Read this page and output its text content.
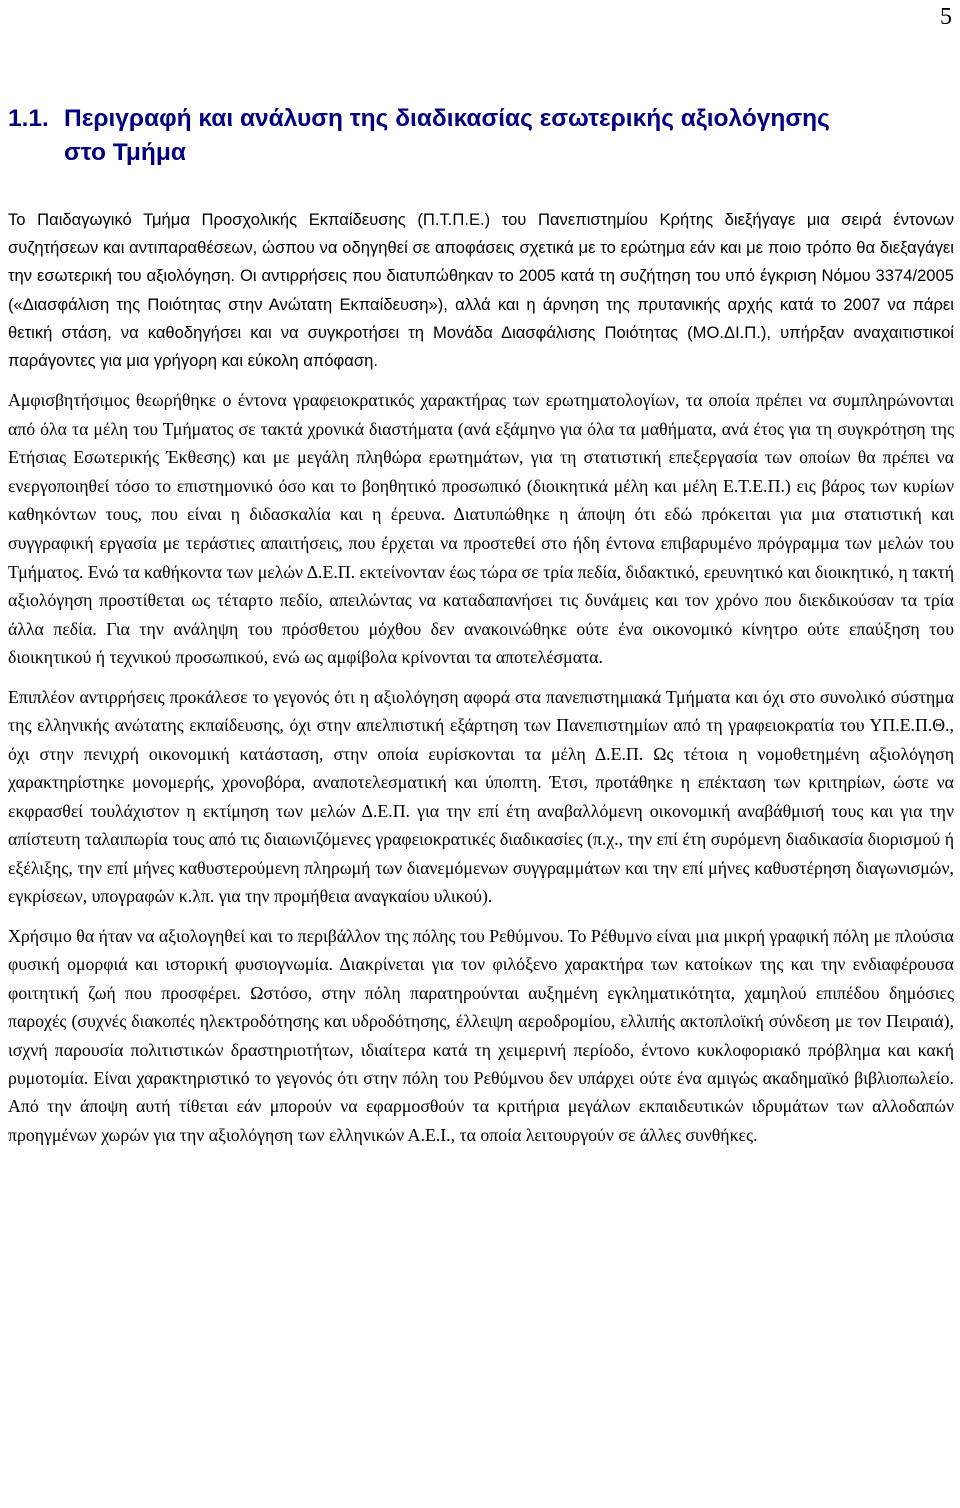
5
1.1. Περιγραφή και ανάλυση της διαδικασίας εσωτερικής αξιολόγησης
στο Τμήμα

Το Παιδαγωγικό Τμήμα Προσχολικής Εκπαίδευσης (Π.Τ.Π.Ε.) του Πανεπιστημίου Κρήτης διεξήγαγε μια σειρά έντονων συζητήσεων και αντιπαραθέσεων, ώσπου να οδηγηθεί σε αποφάσεις σχετικά με το ερώτημα εάν και με ποιο τρόπο θα διεξαγάγει την εσωτερική του αξιολόγηση. Οι αντιρρήσεις που διατυπώθηκαν το 2005 κατά τη συζήτηση του υπό έγκριση Νόμου 3374/2005 («Διασφάλιση της Ποιότητας στην Ανώτατη Εκπαίδευση»), αλλά και η άρνηση της πρυτανικής αρχής κατά το 2007 να πάρει θετική στάση, να καθοδηγήσει και να συγκροτήσει τη Μονάδα Διασφάλισης Ποιότητας (ΜΟ.ΔΙ.Π.), υπήρξαν αναχαιτιστικοί παράγοντες για μια γρήγορη και εύκολη απόφαση.

Αμφισβητήσιμος θεωρήθηκε ο έντονα γραφειοκρατικός χαρακτήρας των ερωτηματολογίων, τα οποία πρέπει να συμπληρώνονται από όλα τα μέλη του Τμήματος σε τακτά χρονικά διαστήματα (ανά εξάμηνο για όλα τα μαθήματα, ανά έτος για τη συγκρότηση της Ετήσιας Εσωτερικής Έκθεσης) και με μεγάλη πληθώρα ερωτημάτων, για τη στατιστική επεξεργασία των οποίων θα πρέπει να ενεργοποιηθεί τόσο το επιστημονικό όσο και το βοηθητικό προσωπικό (διοικητικά μέλη και μέλη Ε.Τ.Ε.Π.) εις βάρος των κυρίων καθηκόντων τους, που είναι η διδασκαλία και η έρευνα. Διατυπώθηκε η άποψη ότι εδώ πρόκειται για μια στατιστική και συγγραφική εργασία με τεράστιες απαιτήσεις, που έρχεται να προστεθεί στο ήδη έντονα επιβαρυμένο πρόγραμμα των μελών του Τμήματος. Ενώ τα καθήκοντα των μελών Δ.Ε.Π. εκτείνονταν έως τώρα σε τρία πεδία, διδακτικό, ερευνητικό και διοικητικό, η τακτή αξιολόγηση προστίθεται ως τέταρτο πεδίο, απειλώντας να καταδαπανήσει τις δυνάμεις και τον χρόνο που διεκδικούσαν τα τρία άλλα πεδία. Για την ανάληψη του πρόσθετου μόχθου δεν ανακοινώθηκε ούτε ένα οικονομικό κίνητρο ούτε επαύξηση του διοικητικού ή τεχνικού προσωπικού, ενώ ως αμφίβολα κρίνονται τα αποτελέσματα.

Επιπλέον αντιρρήσεις προκάλεσε το γεγονός ότι η αξιολόγηση αφορά στα πανεπιστημιακά Τμήματα και όχι στο συνολικό σύστημα της ελληνικής ανώτατης εκπαίδευσης, όχι στην απελπιστική εξάρτηση των Πανεπιστημίων από τη γραφειοκρατία του ΥΠ.Ε.Π.Θ., όχι στην πενιχρή οικονομική κατάσταση, στην οποία ευρίσκονται τα μέλη Δ.Ε.Π. Ως τέτοια η νομοθετημένη αξιολόγηση χαρακτηρίστηκε μονομερής, χρονοβόρα, αναποτελεσματική και ύποπτη. Έτσι, προτάθηκε η επέκταση των κριτηρίων, ώστε να εκφρασθεί τουλάχιστον η εκτίμηση των μελών Δ.Ε.Π. για την επί έτη αναβαλλόμενη οικονομική αναβάθμισή τους και για την απίστευτη ταλαιπωρία τους από τις διαιωνιζόμενες γραφειοκρατικές διαδικασίες (π.χ., την επί έτη συρόμενη διαδικασία διορισμού ή εξέλιξης, την επί μήνες καθυστερούμενη πληρωμή των διανεμόμενων συγγραμμάτων και την επί μήνες καθυστέρηση διαγωνισμών, εγκρίσεων, υπογραφών κ.λπ. για την προμήθεια αναγκαίου υλικού).

Χρήσιμο θα ήταν να αξιολογηθεί και το περιβάλλον της πόλης του Ρεθύμνου. Το Ρέθυμνο είναι μια μικρή γραφική πόλη με πλούσια φυσική ομορφιά και ιστορική φυσιογνωμία. Διακρίνεται για τον φιλόξενο χαρακτήρα των κατοίκων της και την ενδιαφέρουσα φοιτητική ζωή που προσφέρει. Ωστόσο, στην πόλη παρατηρούνται αυξημένη εγκληματικότητα, χαμηλού επιπέδου δημόσιες παροχές (συχνές διακοπές ηλεκτροδότησης και υδροδότησης, έλλειψη αεροδρομίου, ελλιπής ακτοπλοϊκή σύνδεση με τον Πειραιά), ισχνή παρουσία πολιτιστικών δραστηριοτήτων, ιδιαίτερα κατά τη χειμερινή περίοδο, έντονο κυκλοφοριακό πρόβλημα και κακή ρυμοτομία. Είναι χαρακτηριστικό το γεγονός ότι στην πόλη του Ρεθύμνου δεν υπάρχει ούτε ένα αμιγώς ακαδημαϊκό βιβλιοπωλείο. Από την άποψη αυτή τίθεται εάν μπορούν να εφαρμοσθούν τα κριτήρια μεγάλων εκπαιδευτικών ιδρυμάτων των αλλοδαπών προηγμένων χωρών για την αξιολόγηση των ελληνικών Α.Ε.Ι., τα οποία λειτουργούν σε άλλες συνθήκες.
